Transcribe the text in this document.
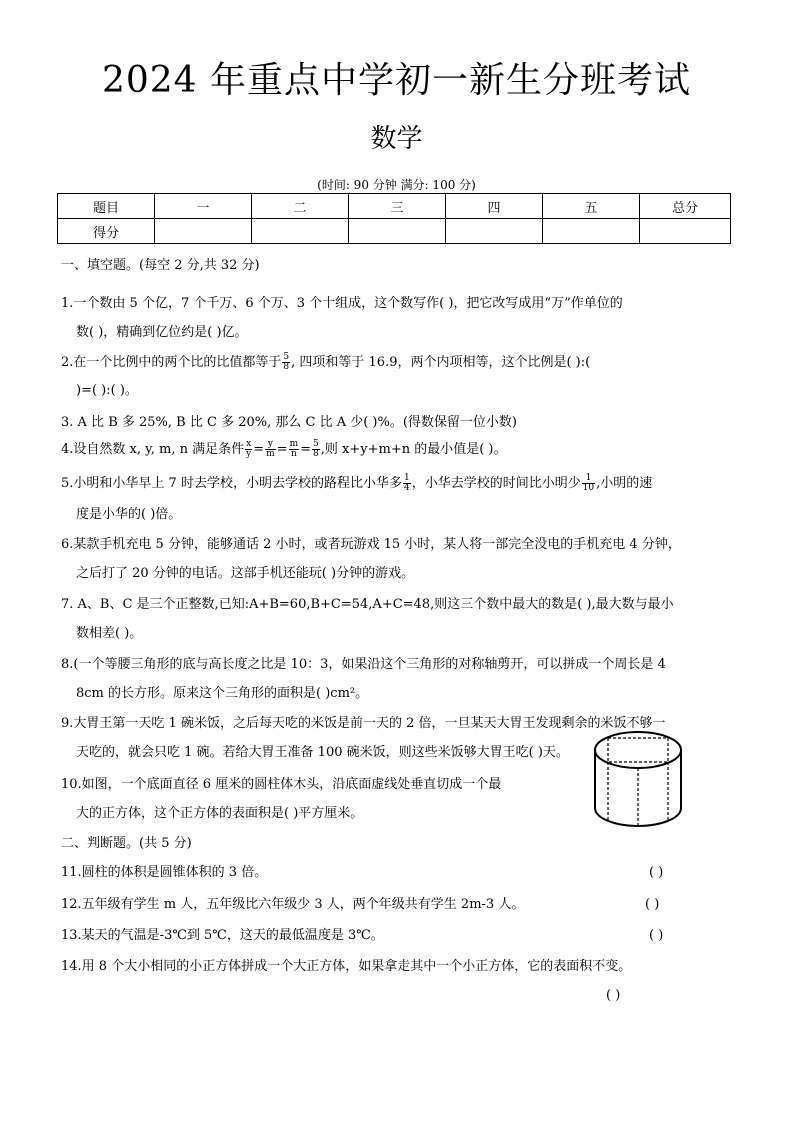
2024 年重点中学初一新生分班考试
数学
(时间: 90 分钟 满分: 100 分)
题目	一	二	三	四	五	总分
得分						
一、填空题。(每空 2 分,共 32 分)
1.一个数由 5 个亿，7 个千万、6 个万、3 个十组成，这个数写作( )，把它改写成用“万”作单位的
数( )，精确到亿位约是( )亿。
2.在一个比例中的两个比的比值都等于 $\frac{5}{8}$ , 四项和等于 16.9，两个内项相等，这个比例是( ):(
)=( ):( )。
3. A 比 B 多 25%, B 比 C 多 20%, 那么 C 比 A 少( )%。(得数保留一位小数)
4.设自然数 x, y, m, n 满足条件 $\frac{x}{y} = \frac{y}{m} = \frac{m}{n} = \frac{5}{8}$ ,则 x+y+m+n 的最小值是( )。
5.小明和小华早上 7 时去学校，小明去学校的路程比小华多 $\frac{1}{4}$ ，小华去学校的时间比小明少 $\frac{1}{10}$ ,小明的速
度是小华的( )倍。
6.某款手机充电 5 分钟，能够通话 2 小时，或者玩游戏 15 小时，某人将一部完全没电的手机充电 4 分钟，
之后打了 20 分钟的电话。这部手机还能玩( )分钟的游戏。
7. A、B、C 是三个正整数,已知:A+B=60,B+C=54,A+C=48,则这三个数中最大的数是( ),最大数与最小
数相差( )。
8.(一个等腰三角形的底与高长度之比是 10：3，如果沿这个三角形的对称轴剪开，可以拼成一个周长是 4
8cm 的长方形。原来这个三角形的面积是( )cm²。
9.大胃王第一天吃 1 碗米饭，之后每天吃的米饭是前一天的 2 倍，一旦某天大胃王发现剩余的米饭不够一
天吃的，就会只吃 1 碗。若给大胃王准备 100 碗米饭，则这些米饭够大胃王吃( )天。
10.如图，一个底面直径 6 厘米的圆柱体木头，沿底面虚线处垂直切成一个最
大的正方体，这个正方体的表面积是( )平方厘米。
二、判断题。(共 5 分)
11.圆柱的体积是圆锥体积的 3 倍。	( )
12.五年级有学生 m 人，五年级比六年级少 3 人，两个年级共有学生 2m-3 人。	( )
13.某天的气温是-3℃到 5℃，这天的最低温度是 3℃。	( )
14.用 8 个大小相同的小正方体拼成一个大正方体，如果拿走其中一个小正方体，它的表面积不变。
( )
